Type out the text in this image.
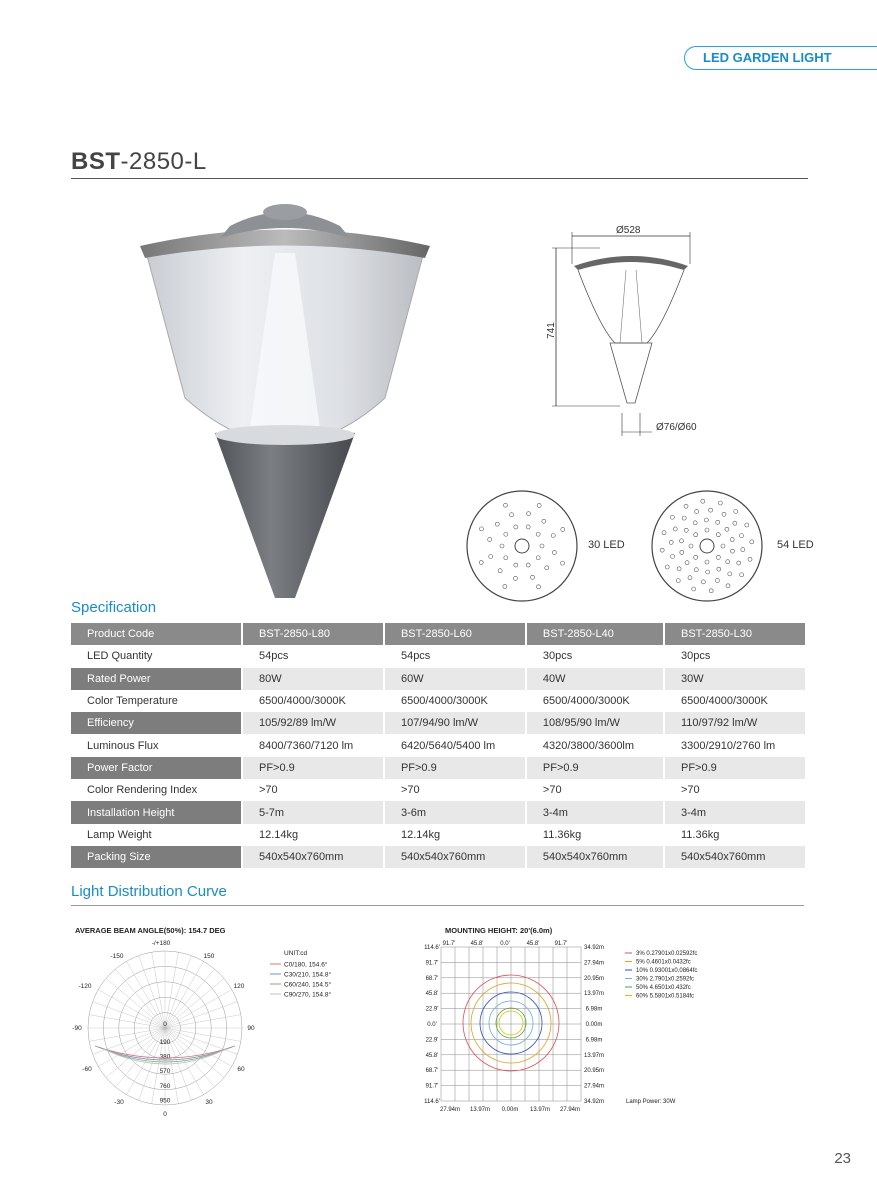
LED GARDEN LIGHT
BST-2850-L
Ø528
741
Ø76/Ø60
30 LED	54 LED
Specification
Product Code	BST-2850-L80	BST-2850-L60	BST-2850-L40	BST-2850-L30
LED Quantity	54pcs	54pcs	30pcs	30pcs
Rated Power	80W	60W	40W	30W
Color Temperature	6500/4000/3000K	6500/4000/3000K	6500/4000/3000K	6500/4000/3000K
Efficiency	105/92/89 lm/W	107/94/90 lm/W	108/95/90 lm/W	110/97/92 lm/W
Luminous Flux	8400/7360/7120 lm	6420/5640/5400 lm	4320/3800/3600lm	3300/2910/2760 lm
Power Factor	PF>0.9	PF>0.9	PF>0.9	PF>0.9
Color Rendering Index	>70	>70	>70	>70
Installation Height	5-7m	3-6m	3-4m	3-4m
Lamp Weight	12.14kg	12.14kg	11.36kg	11.36kg
Packing Size	540x540x760mm	540x540x760mm	540x540x760mm	540x540x760mm
Light Distribution Curve
AVERAGE BEAM ANGLE(50%): 154.7 DEG
-/+180
-150	150
-120	120
-90	90
-60	60
-30	30
0
0
190
380
570
760
950
UNIT:cd
C0/180, 154.6°
C30/210, 154.8°
C60/240, 154.5°
C90/270, 154.8°
MOUNTING HEIGHT: 20'(6.0m)
91.7'	45.8'	0.0'	45.8'	91.7'
114.6'
91.7'
68.7'
45.8'
22.9'
0.0'
22.9'
45.8'
68.7'
91.7'
114.6'
34.92m
27.94m
20.95m
13.97m
6.98m
0.00m
6.98m
13.97m
20.95m
27.94m
34.92m
27.94m 13.97m 0.00m 13.97m 27.94m
3% 0.27901x0.02592fc
5% 0.4601x0.0432fc
10% 0.93001x0.0864fc
30% 2.7901x0.2592fc
50% 4.6501x0.432fc
60% 5.5801x0.5184fc
Lamp Power: 30W
23
